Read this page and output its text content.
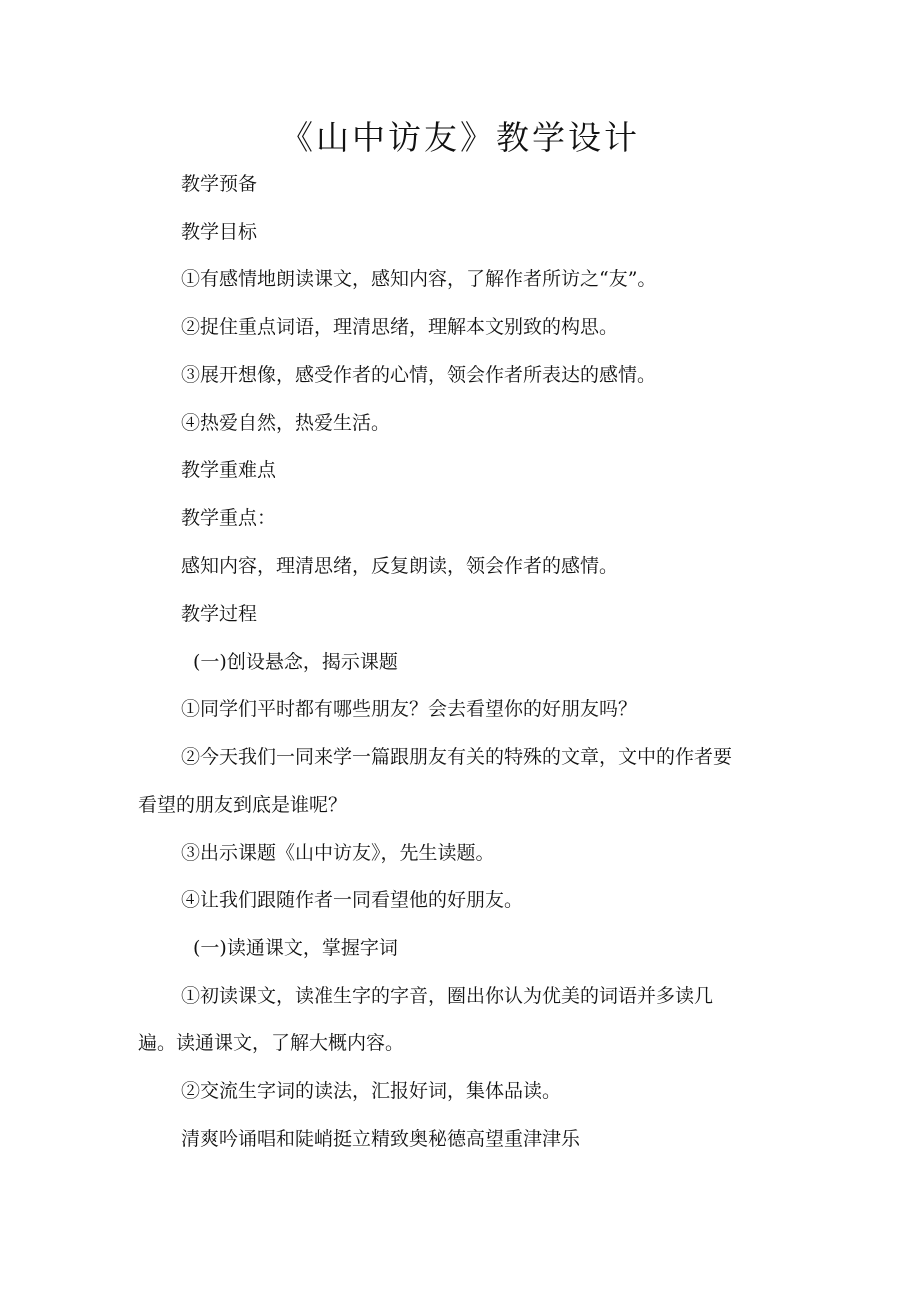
《山中访友》教学设计
教学预备
教学目标
①有感情地朗读课文，感知内容，了解作者所访之“友”。
②捉住重点词语，理清思绪，理解本文别致的构思。
③展开想像，感受作者的心情，领会作者所表达的感情。
④热爱自然，热爱生活。
教学重难点
教学重点：
感知内容，理清思绪，反复朗读，领会作者的感情。
教学过程
(一)创设悬念，揭示课题
①同学们平时都有哪些朋友？会去看望你的好朋友吗？
②今天我们一同来学一篇跟朋友有关的特殊的文章，文中的作者要
看望的朋友到底是谁呢？
③出示课题《山中访友》，先生读题。
④让我们跟随作者一同看望他的好朋友。
(一)读通课文，掌握字词
①初读课文，读准生字的字音，圈出你认为优美的词语并多读几
遍。读通课文，了解大概内容。
②交流生字词的读法，汇报好词，集体品读。
清爽吟诵唱和陡峭挺立精致奥秘德高望重津津乐
